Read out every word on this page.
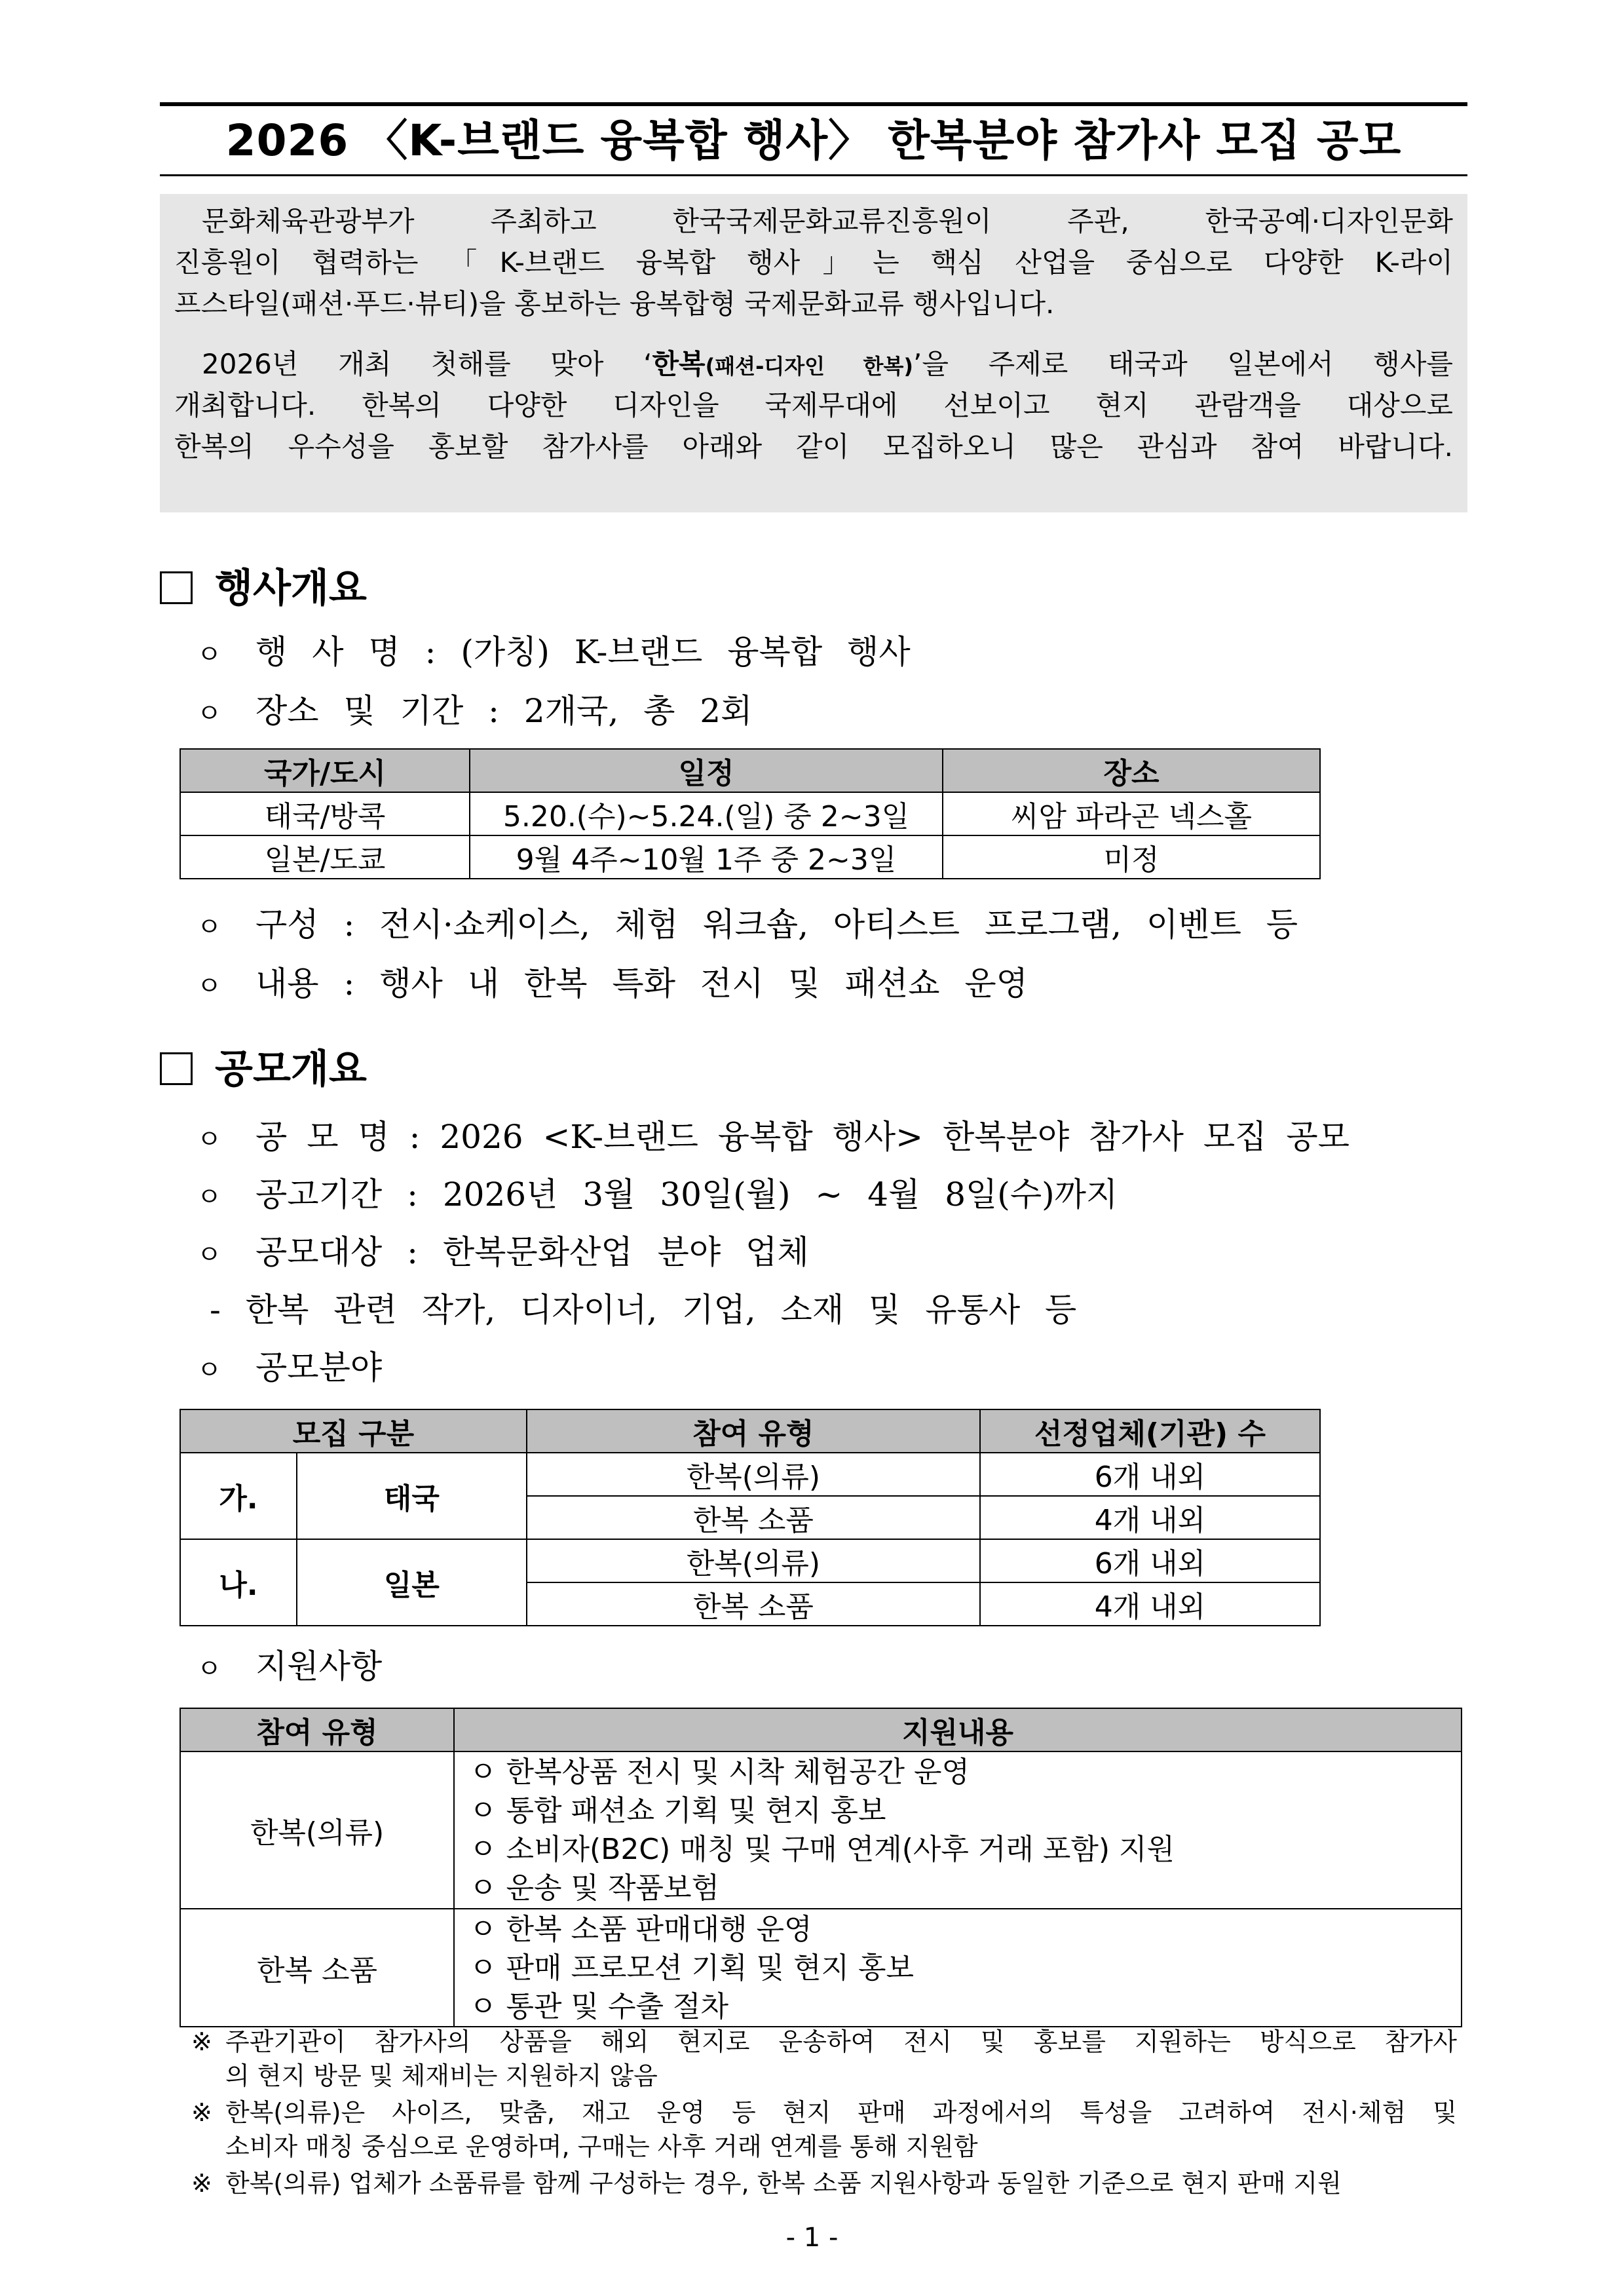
2026 〈K-브랜드 융복합 행사〉 한복분야 참가사 모집 공모

문화체육관광부가 주최하고 한국국제문화교류진흥원이 주관, 한국공예·디자인문화

진흥원이 협력하는 「K-브랜드 융복합 행사」는 핵심 산업을 중심으로 다양한 K-라이

프스타일(패션·푸드·뷰티)을 홍보하는 융복합형 국제문화교류 행사입니다.

2026년 개최 첫해를 맞아 ‘한복(패션-디자인 한복)’을 주제로 태국과 일본에서 행사를

개최합니다. 한복의 다양한 디자인을 국제무대에 선보이고 현지 관람객을 대상으로

한복의 우수성을 홍보할 참가사를 아래와 같이 모집하오니 많은 관심과 참여 바랍니다.

행사개요
ㅇ 행 사 명 : (가칭) K-브랜드 융복합 행사
ㅇ 장소 및 기간 : 2개국, 총 2회
국가/도시	일정	장소
태국/방콕	5.20.(수)~5.24.(일) 중 2~3일	씨암 파라곤 넥스홀
일본/도쿄	9월 4주~10월 1주 중 2~3일	미정
ㅇ 구성 : 전시·쇼케이스, 체험 워크숍, 아티스트 프로그램, 이벤트 등
ㅇ 내용 : 행사 내 한복 특화 전시 및 패션쇼 운영
공모개요
ㅇ 공 모 명 : 2026 <K-브랜드 융복합 행사> 한복분야 참가사 모집 공모
ㅇ 공고기간 : 2026년 3월 30일(월) ~ 4월 8일(수)까지
ㅇ 공모대상 : 한복문화산업 분야 업체
- 한복 관련 작가, 디자이너, 기업, 소재 및 유통사 등
ㅇ 공모분야
모집 구분		참여 유형	선정업체(기관) 수
가.	태국	한복(의류)	6개 내외
		한복 소품	4개 내외
나.	일본	한복(의류)	6개 내외
		한복 소품	4개 내외
ㅇ 지원사항
참여 유형	지원내용
한복(의류)	ㅇ 한복상품 전시 및 시착 체험공간 운영
ㅇ 통합 패션쇼 기획 및 현지 홍보
ㅇ 소비자(B2C) 매칭 및 구매 연계(사후 거래 포함) 지원
ㅇ 운송 및 작품보험

한복 소품	ㅇ 한복 소품 판매대행 운영
ㅇ 판매 프로모션 기획 및 현지 홍보
ㅇ 통관 및 수출 절차
※ 주관기관이 참가사의 상품을 해외 현지로 운송하여 전시 및 홍보를 지원하는 방식으로 참가사
의 현지 방문 및 체재비는 지원하지 않음
※ 한복(의류)은 사이즈, 맞춤, 재고 운영 등 현지 판매 과정에서의 특성을 고려하여 전시·체험 및
소비자 매칭 중심으로 운영하며, 구매는 사후 거래 연계를 통해 지원함
※ 한복(의류) 업체가 소품류를 함께 구성하는 경우, 한복 소품 지원사항과 동일한 기준으로 현지 판매 지원
- 1 -
